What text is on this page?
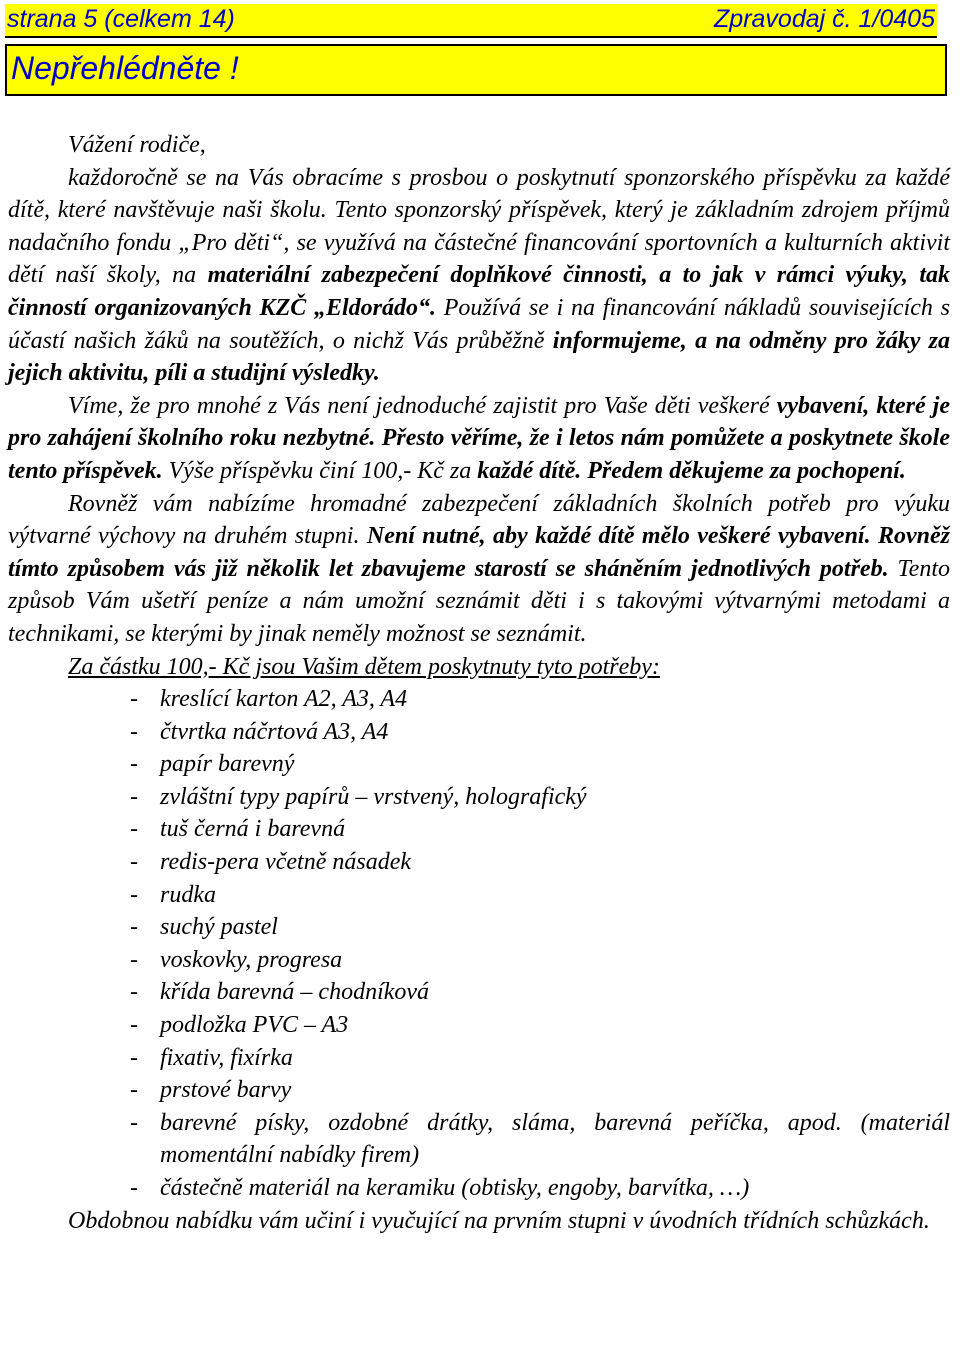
strana 5 (celkem 14)	Zpravodaj č. 1/0405
Nepřehlédněte !

Vážení rodiče,

každoročně se na Vás obracíme s prosbou o poskytnutí sponzorského příspěvku za každé dítě, které navštěvuje naši školu. Tento sponzorský příspěvek, který je základním zdrojem příjmů nadačního fondu „Pro děti“, se využívá na částečné financování sportovních a kulturních aktivit dětí naší školy, na materiální zabezpečení doplňkové činnosti, a to jak v rámci výuky, tak činností organizovaných KZČ „Eldorádo“. Používá se i na financování nákladů souvisejících s účastí našich žáků na soutěžích, o nichž Vás průběžně informujeme, a na odměny pro žáky za jejich aktivitu, píli a studijní výsledky.

Víme, že pro mnohé z Vás není jednoduché zajistit pro Vaše děti veškeré vybavení, které je pro zahájení školního roku nezbytné. Přesto věříme, že i letos nám pomůžete a poskytnete škole tento příspěvek. Výše příspěvku činí 100,- Kč za každé dítě. Předem děkujeme za pochopení.

Rovněž vám nabízíme hromadné zabezpečení základních školních potřeb pro výuku výtvarné výchovy na druhém stupni. Není nutné, aby každé dítě mělo veškeré vybavení. Rovněž tímto způsobem vás již několik let zbavujeme starostí se sháněním jednotlivých potřeb. Tento způsob Vám ušetří peníze a nám umožní seznámit děti i s takovými výtvarnými metodami a technikami, se kterými by jinak neměly možnost se seznámit.

Za částku 100,- Kč jsou Vašim dětem poskytnuty tyto potřeby:

- kreslící karton A2, A3, A4
- čtvrtka náčrtová A3, A4
- papír barevný
- zvláštní typy papírů – vrstvený, holografický
- tuš černá i barevná
- redis-pera včetně násadek
- rudka
- suchý pastel
- voskovky, progresa
- křída barevná – chodníková
- podložka PVC – A3
- fixativ, fixírka
- prstové barvy
- barevné písky, ozdobné drátky, sláma, barevná peříčka, apod. (materiál momentální nabídky firem)
- částečně materiál na keramiku (obtisky, engoby, barvítka, …)

Obdobnou nabídku vám učiní i vyučující na prvním stupni v úvodních třídních schůzkách.
